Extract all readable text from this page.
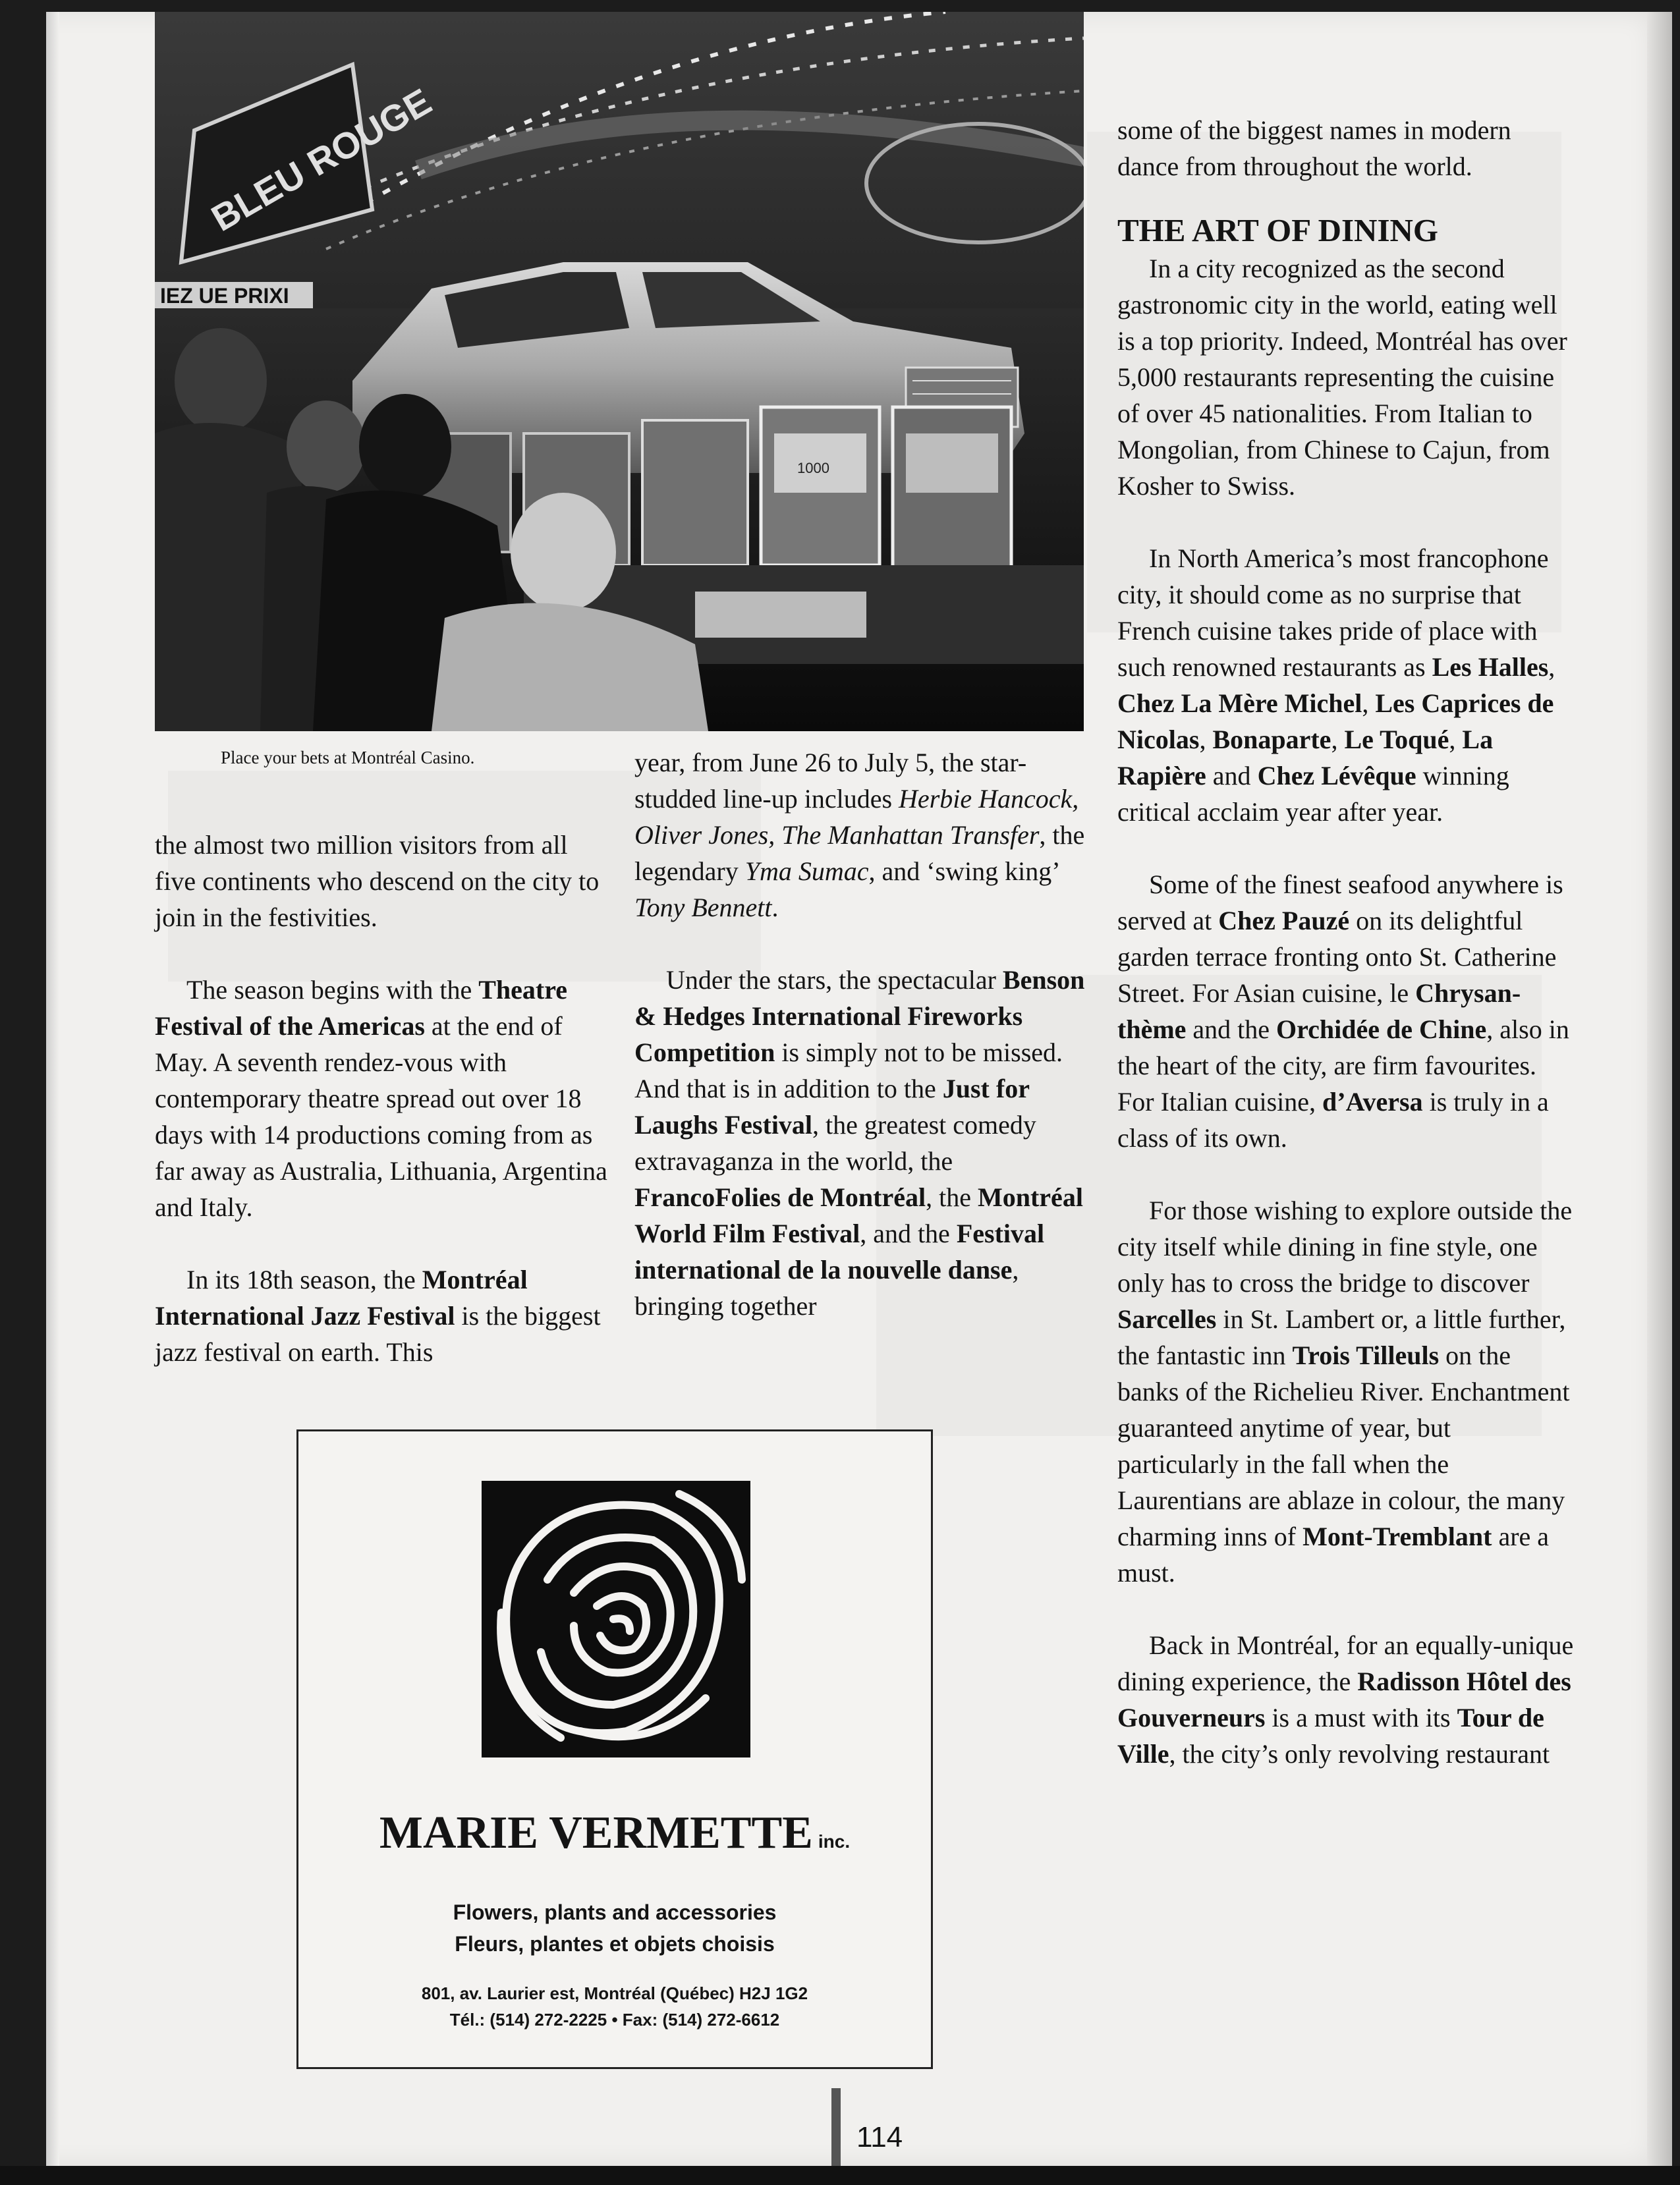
BLEU ROUGE
IEZ UE PRIXI
1000
Place your bets at Montréal Casino.

the almost two million visitors from all five continents who descend on the city to join in the festivities.

The season begins with the Theatre Festival of the Americas at the end of May. A seventh rendez-vous with contemporary theatre spread out over 18 days with 14 productions coming from as far away as Australia, Lithuania, Argentina and Italy.

In its 18th season, the Montréal International Jazz Festival is the biggest jazz festival on earth. This

year, from June 26 to July 5, the star-studded line-up includes Herbie Hancock, Oliver Jones, The Manhattan Transfer, the legendary Yma Sumac, and ‘swing king’ Tony Bennett.

Under the stars, the spectacular Benson & Hedges International Fireworks Competition is simply not to be missed. And that is in addition to the Just for Laughs Festival, the greatest comedy extravaganza in the world, the FrancoFolies de Montréal, the Montréal World Film Festival, and the Festival international de la nouvelle danse, bringing together

some of the biggest names in modern dance from throughout the world.

THE ART OF DINING

In a city recognized as the second gastronomic city in the world, eating well is a top priority. Indeed, Montréal has over 5,000 restaurants representing the cuisine of over 45 nationalities. From Italian to Mongolian, from Chinese to Cajun, from Kosher to Swiss.

In North America’s most francophone city, it should come as no surprise that French cuisine takes pride of place with such renowned restaurants as Les Halles, Chez La Mère Michel, Les Caprices de Nicolas, Bonaparte, Le Toqué, La Rapière and Chez Lévêque winning critical acclaim year after year.

Some of the finest seafood anywhere is served at Chez Pauzé on its delightful garden terrace fronting onto St. Catherine Street. For Asian cuisine, le Chrysan-thème and the Orchidée de Chine, also in the heart of the city, are firm favourites. For Italian cuisine, d’Aversa is truly in a class of its own.

For those wishing to explore outside the city itself while dining in fine style, one only has to cross the bridge to discover Sarcelles in St. Lambert or, a little further, the fantastic inn Trois Tilleuls on the banks of the Richelieu River. Enchantment guaranteed anytime of year, but particularly in the fall when the Laurentians are ablaze in colour, the many charming inns of Mont-Tremblant are a must.

Back in Montréal, for an equally-unique dining experience, the Radisson Hôtel des Gouverneurs is a must with its Tour de Ville, the city’s only revolving restaurant

MARIE VERMETTE inc.
Flowers, plants and accessories
Fleurs, plantes et objets choisis
801, av. Laurier est, Montréal (Québec) H2J 1G2
Tél.: (514) 272-2225 • Fax: (514) 272-6612
114
